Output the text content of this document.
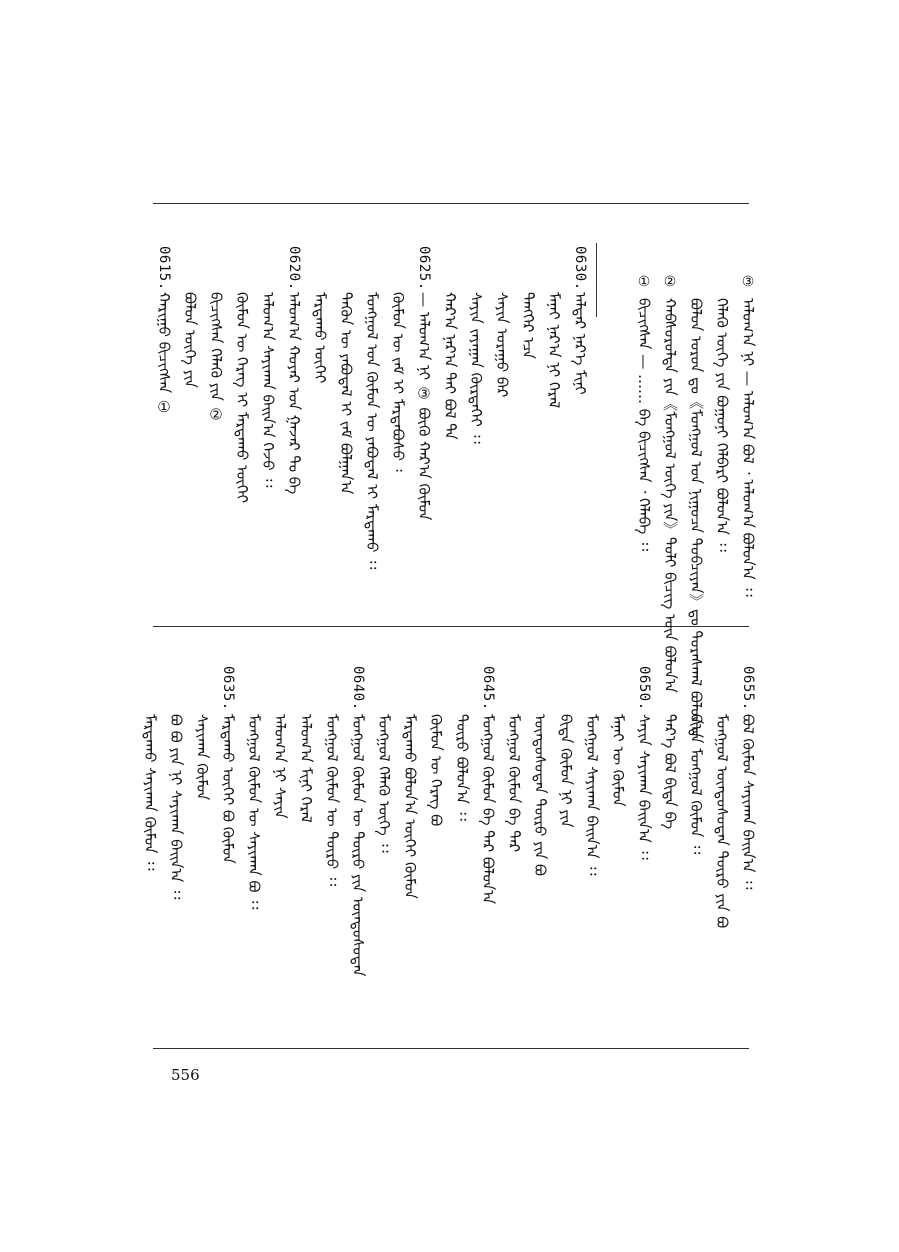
③
ᠠᠯᠤᠭ᠎ᠠ ᠨᠢ — ᠠᠯᠤᠭ᠎ᠠ ᠪᠣᠯ ᠂ ᠠᠯᠤᠭ᠎ᠠ ᠪᠣᠯᠤᠨ᠎ᠠ ᠄᠄
ᠬᠡᠯᠡᠬᠦ ᠦᠭᠡ ᠶᠢᠨ ᠪᠣᠭᠤᠨᠢ ᠬᠡᠯᠪᠡᠷᠢ ᠪᠣᠯᠤᠨ᠎ᠠ ᠄᠄
ᠪᠣᠯᠤᠨ ᠣᠷᠣᠨ ᠳᠤ《ᠮᠣᠩᠭᠣᠯ ᠤᠨ ᠨᠢᠭᠤᠴᠠ ᠲᠣᠪᠴᠢᠶᠠᠨ》ᠳᠤ ᠳᠤᠷᠠᠰᠬᠠᠯ ᠪᠣᠯᠤᠨ᠎ᠠ
②
ᠬᠠᠪᠰᠤᠷᠤᠯᠲᠠ ᠶᠢᠨ《ᠮᠣᠩᠭᠣᠯ ᠦᠭᠡ ᠶᠢᠨ》ᠲᠣᠯᠢ ᠪᠢᠴᠢᠭ ᠦᠨ ᠪᠣᠯᠤᠨ᠎ᠠ
①
ᠪᠢᠴᠢᠭ᠌ᠰᠡᠨ — …… ᠪᠠ ᠪᠢᠴᠢᠭᠰᠡᠨ ᠂ ᠬᠡᠯᠡᠪᠡ ᠄᠄
0630.
ᠠᠯᠳᠠᠷ ᠨᠡᠷ᠎ᠡ ᠮᠢᠨᠢ
ᠮᠠᠨᠠᠢ ᠨᠠᠷ᠎ᠠ ᠨᠢ ᠭᠡᠷᠡᠯ
ᠲᠡᠩᠭᠡᠷ ᠡᠴᠡ
ᠰᠠᠶᠢᠨ ᠤᠷᠠᠭᠤ ᠪᠡᠷ
ᠰᠠᠶᠢᠨ ᠵᠠᠶᠠᠭᠠᠨ ᠬᠦᠷᠲᠡᠭᠡᠢ ᠄᠄
ᠬᠠᠷ᠎ᠠ ᠨᠠᠷ᠎ᠠ ᠲᠠᠢ ᠪᠣᠯ ᠲᠠ
0625.
— ᠠᠯᠤᠭ᠎ᠠ ᠨᠢ ③ ᠪᠦᠬᠦ ᠬᠠᠷ᠎ᠠ ᠬᠦᠮᠦᠨ
ᠬᠦᠮᠦᠨ ᠦ ᠵᠠᠮ ᠢ ᠮᠠᠷᠲᠠᠪᠤᠰᠤ ᠄
ᠮᠣᠩᠭᠣᠯ ᠤᠨ ᠬᠦᠮᠦᠨ ᠦ ᠶᠠᠪᠤᠳᠠᠯ ᠢ ᠮᠠᠷᠲᠠᠬᠤ ᠄᠄
ᠲᠡᠭᠦᠨ ᠦ ᠶᠠᠪᠤᠳᠠᠯ ᠢ ᠵᠠᠮ ᠪᠣᠯᠭᠠᠨ᠎ᠠ
ᠮᠠᠷᠲᠠᠬᠤ ᠦᠭᠡᠢ
0620.
ᠠᠯᠤᠭ᠎ᠠ ᠬᠣᠶᠠᠷ ᠤᠨ ᠭᠠᠵᠠᠷ ᠲᠤ ᠪᠠ
ᠠᠯᠤᠭ᠎ᠠ ᠰᠠᠶᠢᠬᠠᠨ ᠪᠠᠢᠨ᠎ᠠ ᠭᠡᠵᠦ ᠄᠄
ᠬᠦᠮᠦᠨ ᠦ ᠬᠡᠷᠡᠭ ᠢ ᠮᠠᠷᠲᠠᠬᠤ ᠦᠭᠡᠢ
ᠪᠢᠴᠢᠭ᠌ᠰᠡᠨ ᠬᠡᠯᠡᠬᠦ ᠶᠢᠨ ②
ᠪᠣᠯᠤᠨ ᠦᠭᠡ ᠶᠢᠨ
0615.
ᠬᠠᠷᠢᠭᠤ ᠪᠢᠴᠢᠭ᠌ᠰᠡᠨ ①
0655.
ᠪᠣᠯ ᠬᠦᠮᠦᠨ ᠰᠠᠶᠢᠬᠠᠨ ᠪᠠᠢᠨ᠎ᠠ ᠄᠄
ᠮᠣᠩᠭᠣᠯ ᠦᠨᠳᠦᠰᠦᠲᠡᠨ ᠲᠥᠷᠥ ᠶᠢᠨ ᠪᠣ
ᠪᠢᠳᠡ ᠮᠣᠩᠭᠣᠯ ᠬᠦᠮᠦᠨ ᠄᠄
ᠲᠡᠷ᠎ᠡ ᠪᠣᠯ ᠪᠢᠳᠡ ᠪᠠ
0650.
ᠰᠠᠶᠢᠨ ᠰᠠᠶᠢᠬᠠᠨ ᠪᠠᠢᠨ᠎ᠠ ᠄᠄
ᠮᠠᠨᠠᠢ ᠦ ᠬᠦᠮᠦᠨ
ᠮᠣᠩᠭᠣᠯ ᠰᠠᠶᠢᠬᠠᠨ ᠪᠠᠢᠨ᠎ᠠ ᠄᠄
ᠪᠢᠳᠡ ᠬᠦᠮᠦᠨ ᠨᠢ ᠶᠢᠨ
ᠦᠨᠳᠦᠰᠦᠲᠡᠨ ᠲᠥᠷᠥ ᠶᠢᠨ ᠪᠣ
ᠮᠣᠩᠭᠣᠯ ᠬᠦᠮᠦᠨ ᠪᠠ ᠲᠡᠷ
0645.
ᠮᠣᠩᠭᠣᠯ ᠬᠦᠮᠦᠨ ᠪᠠ ᠲᠡᠷ ᠪᠣᠯᠤᠨ᠎ᠠ
ᠲᠥᠷᠥ ᠪᠣᠯᠤᠨ᠎ᠠ ᠄᠄
ᠬᠦᠮᠦᠨ ᠦ ᠬᠡᠷᠡᠭ ᠪᠣ
ᠮᠠᠷᠲᠠᠬᠤ ᠪᠣᠯᠤᠨ᠎ᠠ ᠦᠭᠡᠢ ᠬᠦᠮᠦᠨ
ᠮᠣᠩᠭᠣᠯ ᠬᠡᠯᠡᠬᠦ ᠦᠭᠡ ᠄᠄
0640.
ᠮᠣᠩᠭᠣᠯ ᠬᠦᠮᠦᠨ ᠦ ᠲᠥᠷᠥ ᠶᠢᠨ ᠦᠨᠳᠦᠰᠦᠲᠡᠨ
ᠮᠣᠩᠭᠣᠯ ᠬᠦᠮᠦᠨ ᠦ ᠲᠥᠷᠥ ᠄᠄
ᠠᠯᠤᠭ᠎ᠠ ᠮᠢᠨᠢ ᠭᠡᠷᠡᠯ
ᠠᠯᠤᠭ᠎ᠠ ᠨᠢ ᠰᠠᠶᠢᠨ
ᠮᠣᠩᠭᠣᠯ ᠬᠦᠮᠦᠨ ᠦ ᠰᠠᠶᠢᠬᠠᠨ ᠪᠣ ᠄᠄
0635.
ᠮᠠᠷᠲᠠᠬᠤ ᠦᠭᠡᠢ ᠪᠣ ᠬᠦᠮᠦᠨ
ᠰᠠᠶᠢᠬᠠᠨ ᠬᠦᠮᠦᠨ
ᠪᠣ ᠪᠣ ᠶᠢᠨ ᠨᠢ ᠰᠠᠶᠢᠬᠠᠨ ᠪᠠᠢᠨ᠎ᠠ ᠄᠄
ᠮᠠᠷᠲᠠᠬᠤ ᠰᠠᠶᠢᠬᠠᠨ ᠬᠦᠮᠦᠨ ᠄᠄
556
